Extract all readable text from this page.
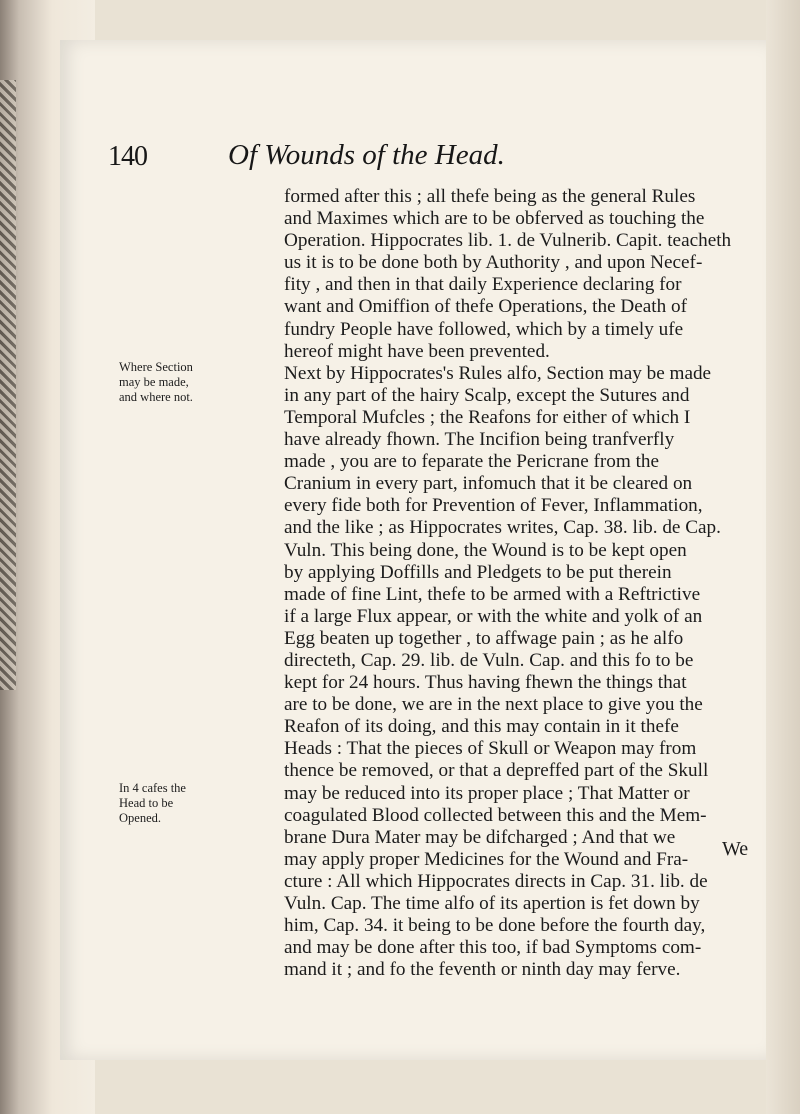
140	Of Wounds of the Head.
Where Section
may be made,
and where not.
In 4 cafes the
Head to be
Opened.
formed after this ; all thefe being as the general Rules
and Maximes which are to be obferved as touching the
Operation. Hippocrates lib. 1. de Vulnerib. Capit. teacheth
us it is to be done both by Authority , and upon Necef-
fity , and then in that daily Experience declaring for
want and Omiffion of thefe Operations, the Death of
fundry People have followed, which by a timely ufe
hereof might have been prevented.
Next by Hippocrates's Rules alfo, Section may be made
in any part of the hairy Scalp, except the Sutures and
Temporal Mufcles ; the Reafons for either of which I
have already fhown. The Incifion being tranfverfly
made , you are to feparate the Pericrane from the
Cranium in every part, infomuch that it be cleared on
every fide both for Prevention of Fever, Inflammation,
and the like ; as Hippocrates writes, Cap. 38. lib. de Cap.
Vuln. This being done, the Wound is to be kept open
by applying Doffills and Pledgets to be put therein
made of fine Lint, thefe to be armed with a Reftrictive
if a large Flux appear, or with the white and yolk of an
Egg beaten up together , to affwage pain ; as he alfo
directeth, Cap. 29. lib. de Vuln. Cap. and this fo to be
kept for 24 hours. Thus having fhewn the things that
are to be done, we are in the next place to give you the
Reafon of its doing, and this may contain in it thefe
Heads : That the pieces of Skull or Weapon may from
thence be removed, or that a depreffed part of the Skull
may be reduced into its proper place ; That Matter or
coagulated Blood collected between this and the Mem-
brane Dura Mater may be difcharged ; And that we
may apply proper Medicines for the Wound and Fra-
cture : All which Hippocrates directs in Cap. 31. lib. de
Vuln. Cap. The time alfo of its apertion is fet down by
him, Cap. 34. it being to be done before the fourth day,
and may be done after this too, if bad Symptoms com-
mand it ; and fo the feventh or ninth day may ferve.
We
